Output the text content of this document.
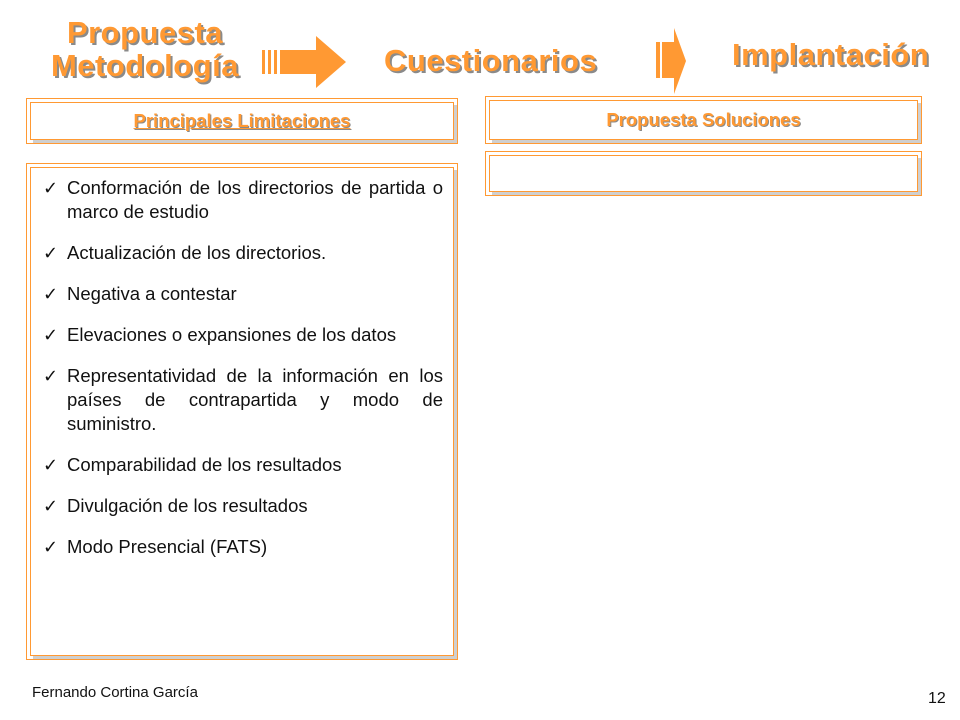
Propuesta
Metodología	Cuestionarios	Implantación
Principales Limitaciones	Propuesta Soluciones
✓ Conformación de los directorios de partida o marco de estudio
✓ Actualización de los directorios.
✓ Negativa a contestar
✓ Elevaciones o expansiones de los datos
✓ Representatividad de la información en los países de contrapartida y modo de suministro.
✓ Comparabilidad de los resultados
✓ Divulgación de los resultados
✓ Modo Presencial (FATS)
Fernando Cortina García	12
